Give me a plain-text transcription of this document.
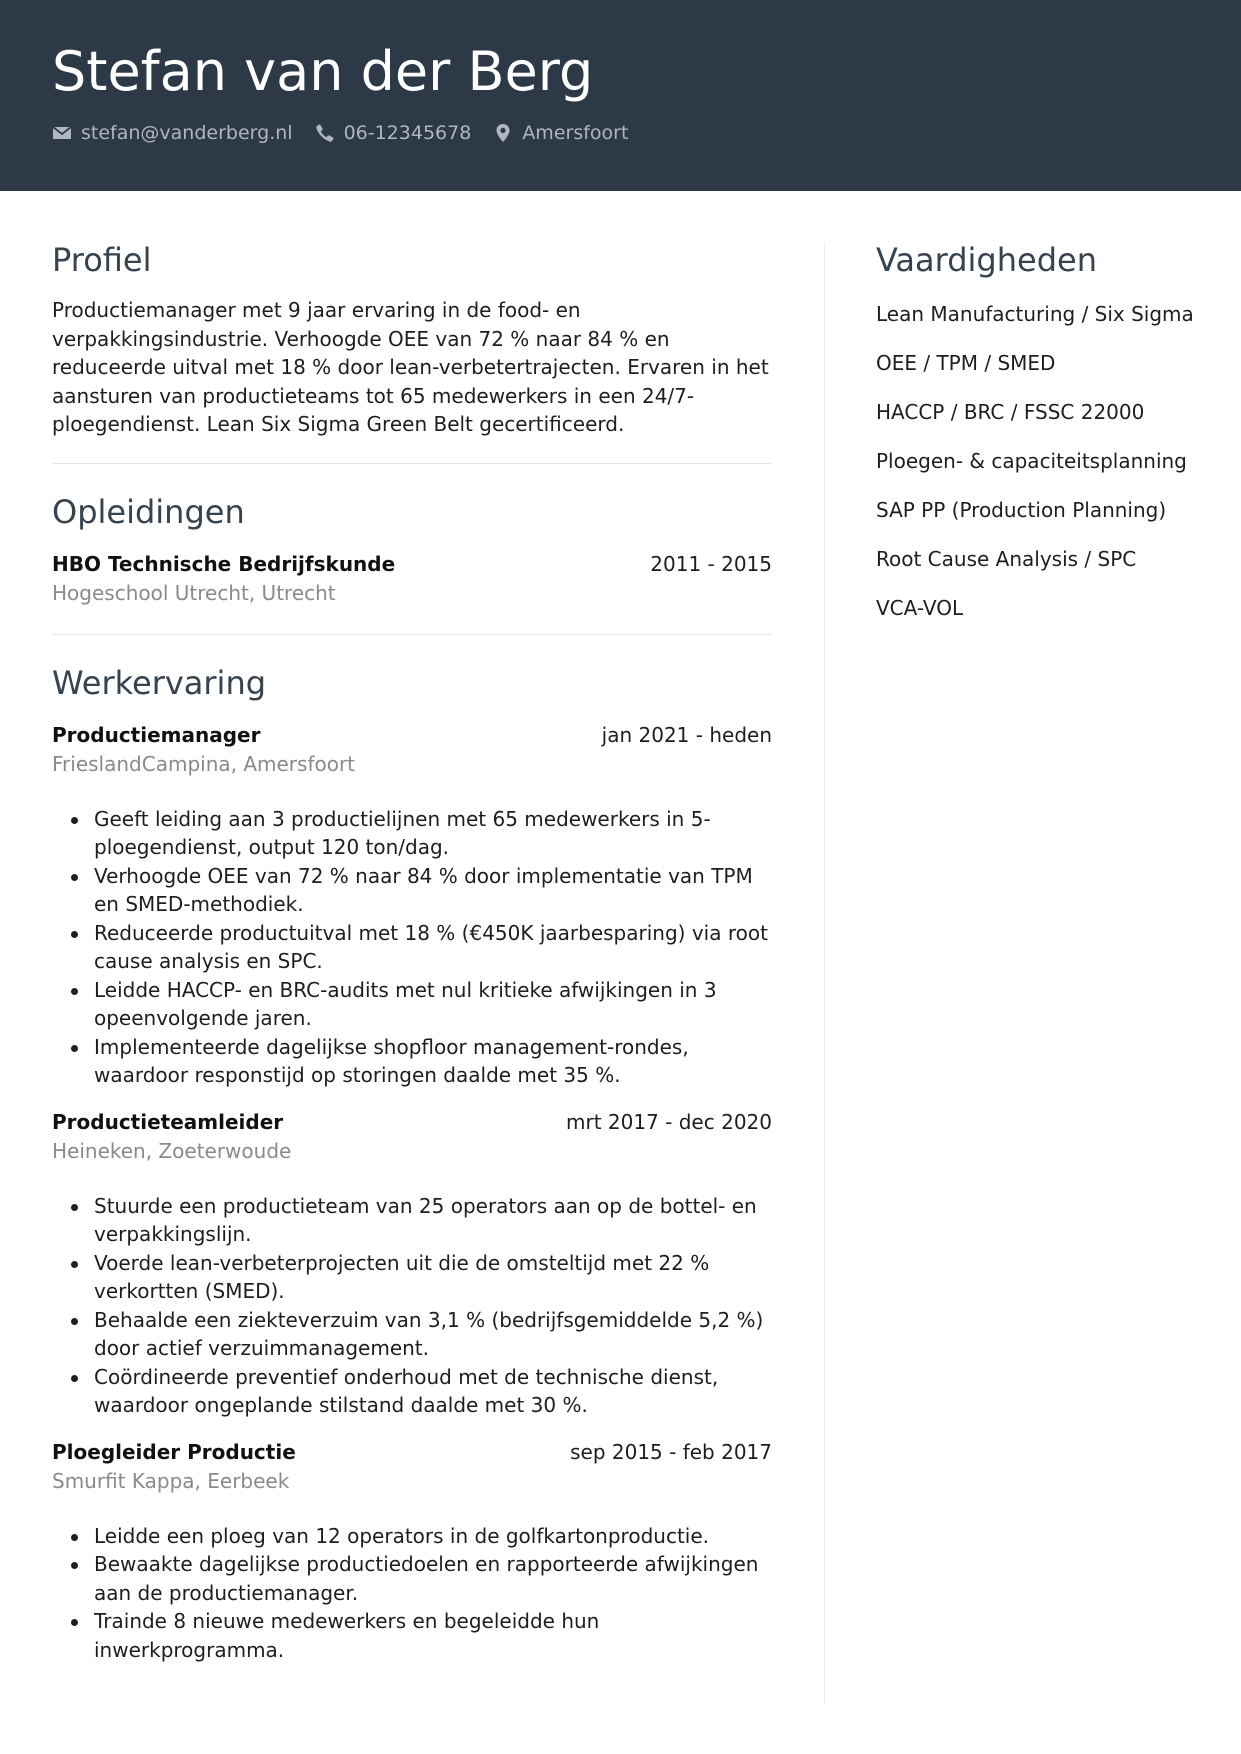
Stefan van der Berg
stefan@vanderberg.nl	06-12345678	Amersfoort
Profiel

Productiemanager met 9 jaar ervaring in de food- en verpakkingsindustrie. Verhoogde OEE van 72 % naar 84 % en reduceerde uitval met 18 % door lean-verbetertrajecten. Ervaren in het aansturen van productieteams tot 65 medewerkers in een 24/7-ploegendienst. Lean Six Sigma Green Belt gecertificeerd.

Opleidingen
HBO Technische Bedrijfskunde	2011 - 2015
Hogeschool Utrecht, Utrecht
Werkervaring
Productiemanager	jan 2021 - heden
FrieslandCampina, Amersfoort
Geeft leiding aan 3 productielijnen met 65 medewerkers in 5-ploegendienst, output 120 ton/dag.
Verhoogde OEE van 72 % naar 84 % door implementatie van TPM en SMED-methodiek.
Reduceerde productuitval met 18 % (€450K jaarbesparing) via root cause analysis en SPC.
Leidde HACCP- en BRC-audits met nul kritieke afwijkingen in 3 opeenvolgende jaren.
Implementeerde dagelijkse shopfloor management-rondes, waardoor responstijd op storingen daalde met 35 %.
Productieteamleider	mrt 2017 - dec 2020
Heineken, Zoeterwoude
Stuurde een productieteam van 25 operators aan op de bottel- en verpakkingslijn.
Voerde lean-verbeterprojecten uit die de omsteltijd met 22 % verkortten (SMED).
Behaalde een ziekteverzuim van 3,1 % (bedrijfsgemiddelde 5,2 %) door actief verzuimmanagement.
Coördineerde preventief onderhoud met de technische dienst, waardoor ongeplande stilstand daalde met 30 %.
Ploegleider Productie	sep 2015 - feb 2017
Smurfit Kappa, Eerbeek
Leidde een ploeg van 12 operators in de golfkartonproductie.
Bewaakte dagelijkse productiedoelen en rapporteerde afwijkingen aan de productiemanager.
Trainde 8 nieuwe medewerkers en begeleidde hun inwerkprogramma.
Vaardigheden
Lean Manufacturing / Six Sigma
OEE / TPM / SMED
HACCP / BRC / FSSC 22000
Ploegen- & capaciteitsplanning
SAP PP (Production Planning)
Root Cause Analysis / SPC
VCA-VOL
